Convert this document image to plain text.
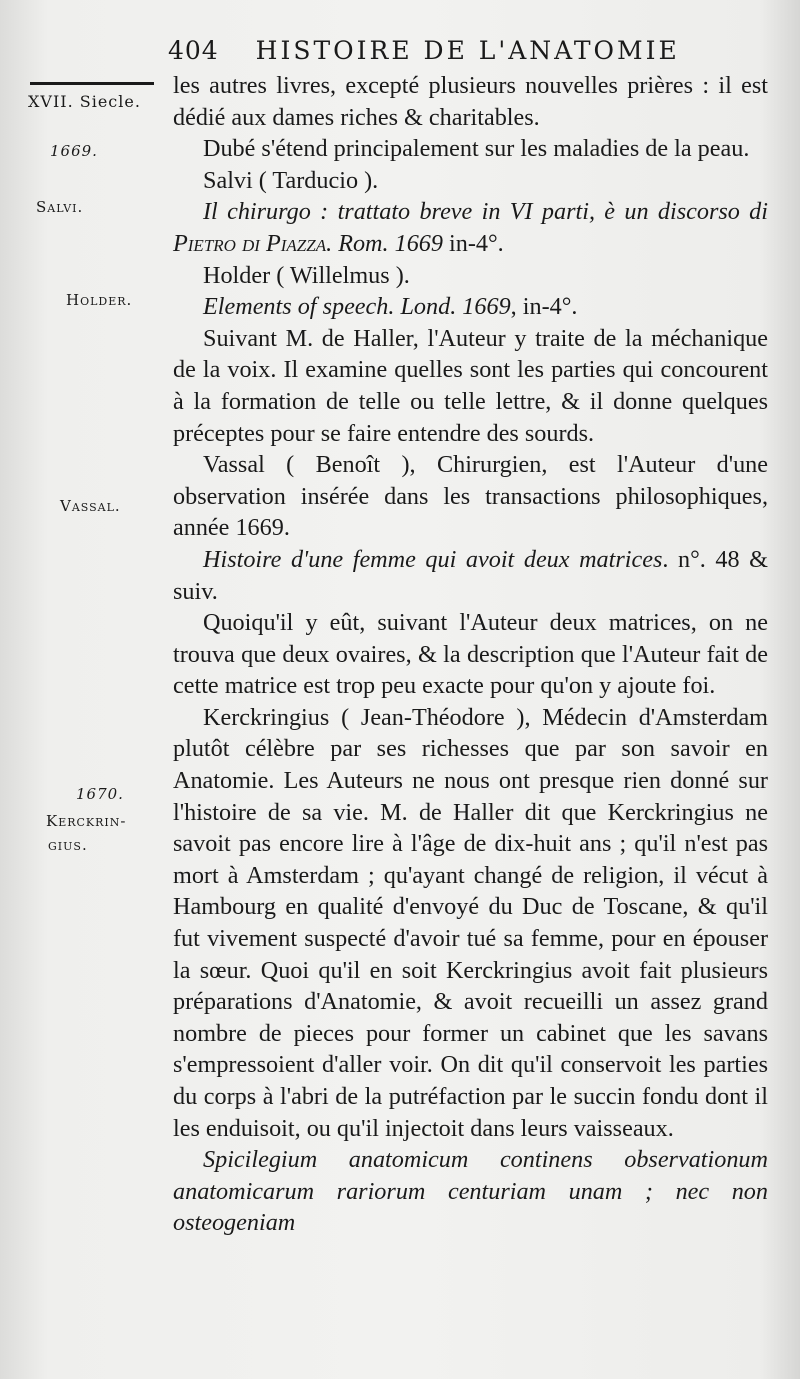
404 HISTOIRE DE L'ANATOMIE
XVII. Siecle.
1669.
Salvi.
Holder.
Vassal.
1670.
Kerckrin-
gius.

les autres livres, excepté plusieurs nouvelles prières : il est dédié aux dames riches & charitables.

Dubé s'étend principalement sur les maladies de la peau.

Salvi ( Tarducio ).

Il chirurgo : trattato breve in VI parti, è un discorso di Pietro di Piazza. Rom. 1669 in-4°.

Holder ( Willelmus ).

Elements of speech. Lond. 1669, in-4°.

Suivant M. de Haller, l'Auteur y traite de la méchanique de la voix. Il examine quelles sont les parties qui concourent à la formation de telle ou telle lettre, & il donne quelques préceptes pour se faire entendre des sourds.

Vassal ( Benoît ), Chirurgien, est l'Auteur d'une observation insérée dans les transactions philosophiques, année 1669.

Histoire d'une femme qui avoit deux matrices. n°. 48 & suiv.

Quoiqu'il y eût, suivant l'Auteur deux matrices, on ne trouva que deux ovaires, & la description que l'Auteur fait de cette matrice est trop peu exacte pour qu'on y ajoute foi.

Kerckringius ( Jean-Théodore ), Médecin d'Amsterdam plutôt célèbre par ses richesses que par son savoir en Anatomie. Les Auteurs ne nous ont presque rien donné sur l'histoire de sa vie. M. de Haller dit que Kerckringius ne savoit pas encore lire à l'âge de dix-huit ans ; qu'il n'est pas mort à Amsterdam ; qu'ayant changé de religion, il vécut à Hambourg en qualité d'envoyé du Duc de Toscane, & qu'il fut vivement suspecté d'avoir tué sa femme, pour en épouser la sœur. Quoi qu'il en soit Kerckringius avoit fait plusieurs préparations d'Anatomie, & avoit recueilli un assez grand nombre de pieces pour former un cabinet que les savans s'empressoient d'aller voir. On dit qu'il conservoit les parties du corps à l'abri de la putréfaction par le succin fondu dont il les enduisoit, ou qu'il injectoit dans leurs vaisseaux.

Spicilegium anatomicum continens observationum anatomicarum rariorum centuriam unam ; nec non osteogeniam
